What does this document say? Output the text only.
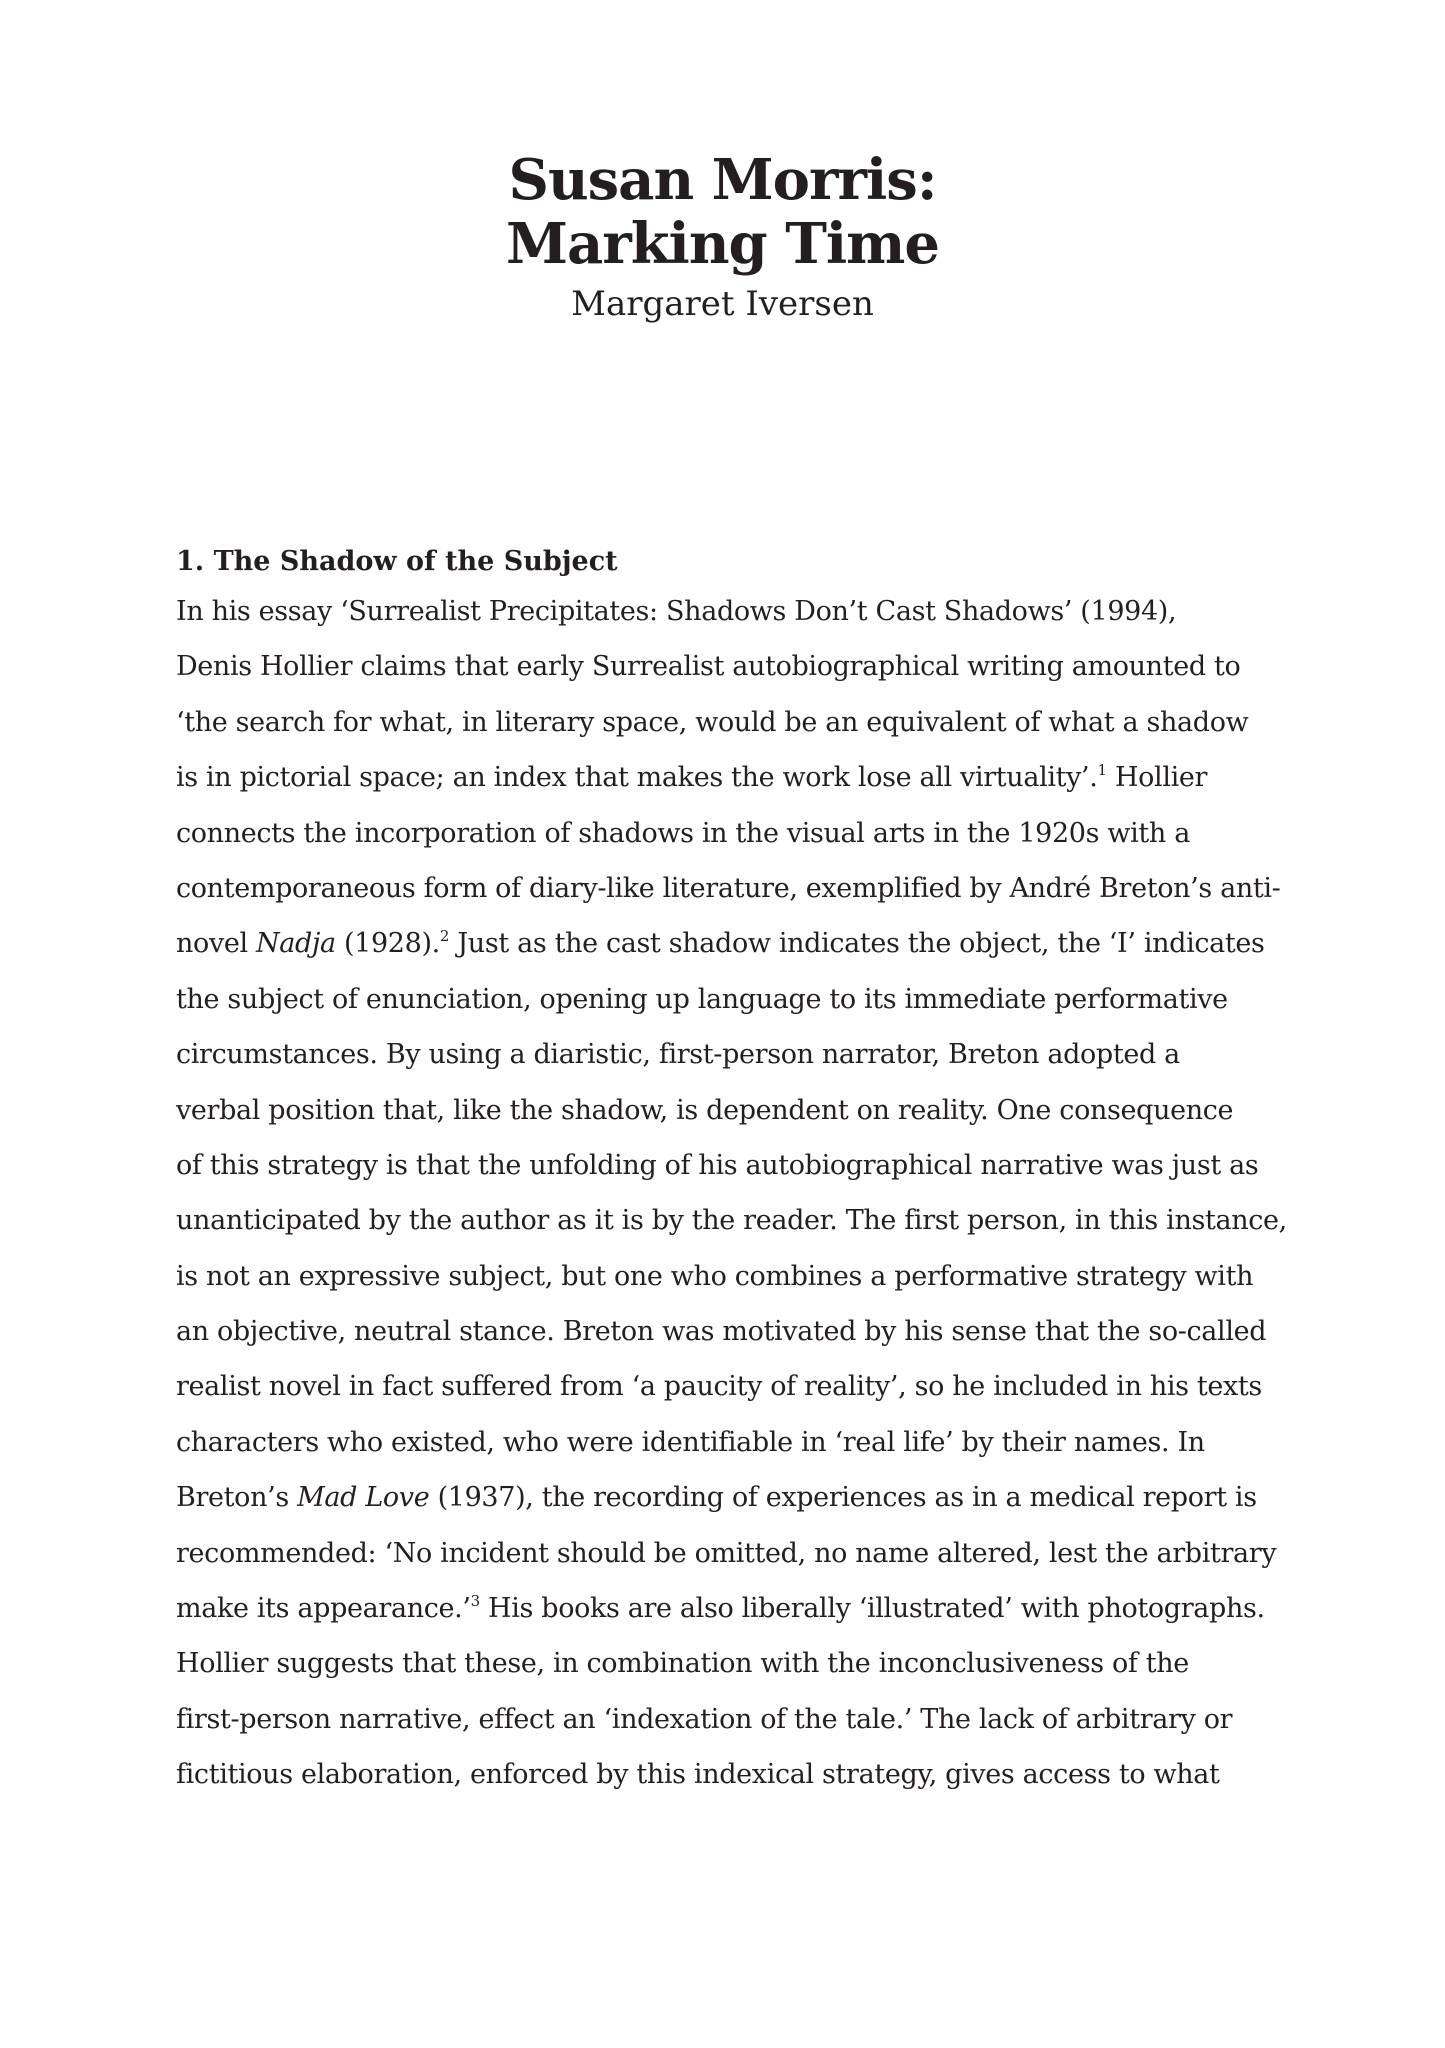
Susan Morris:
Marking Time
Margaret Iversen
1. The Shadow of the Subject
In his essay ‘Surrealist Precipitates: Shadows Don’t Cast Shadows’ (1994),
Denis Hollier claims that early Surrealist autobiographical writing amounted to
‘the search for what, in literary space, would be an equivalent of what a shadow
is in pictorial space; an index that makes the work lose all virtuality’.$^1$ Hollier
connects the incorporation of shadows in the visual arts in the 1920s with a
contemporaneous form of diary-like literature, exemplified by André Breton’s anti-
novel Nadja (1928).$^2$ Just as the cast shadow indicates the object, the ‘I’ indicates
the subject of enunciation, opening up language to its immediate performative
circumstances. By using a diaristic, first-person narrator, Breton adopted a
verbal position that, like the shadow, is dependent on reality. One consequence
of this strategy is that the unfolding of his autobiographical narrative was just as
unanticipated by the author as it is by the reader. The first person, in this instance,
is not an expressive subject, but one who combines a performative strategy with
an objective, neutral stance. Breton was motivated by his sense that the so-called
realist novel in fact suffered from ‘a paucity of reality’, so he included in his texts
characters who existed, who were identifiable in ‘real life’ by their names. In
Breton’s Mad Love (1937), the recording of experiences as in a medical report is
recommended: ‘No incident should be omitted, no name altered, lest the arbitrary
make its appearance.’$^3$ His books are also liberally ‘illustrated’ with photographs.
Hollier suggests that these, in combination with the inconclusiveness of the
first-person narrative, effect an ‘indexation of the tale.’ The lack of arbitrary or
fictitious elaboration, enforced by this indexical strategy, gives access to what
